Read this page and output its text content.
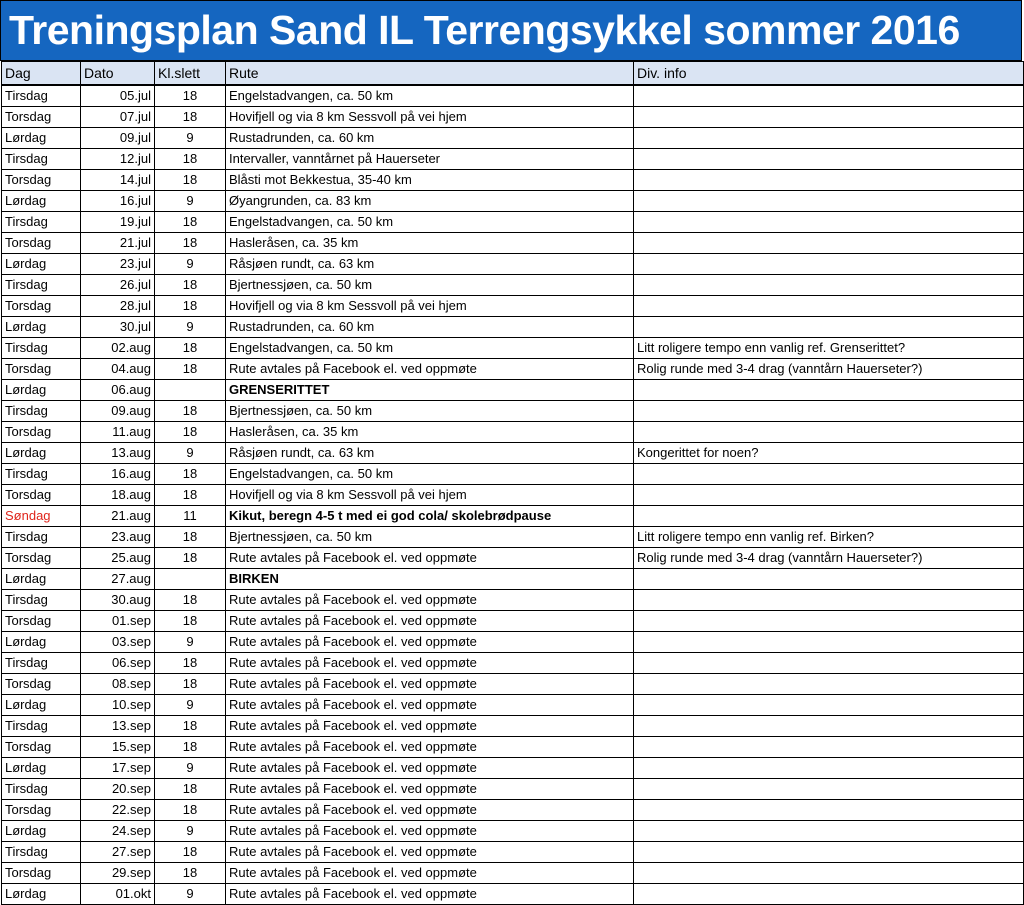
Treningsplan Sand IL Terrengsykkel sommer 2016
Dag	Dato	Kl.slett	Rute	Div. info
Tirsdag	05.jul	18	Engelstadvangen, ca. 50 km	
Torsdag	07.jul	18	Hovifjell og via 8 km Sessvoll på vei hjem	
Lørdag	09.jul	9	Rustadrunden, ca. 60 km	
Tirsdag	12.jul	18	Intervaller, vanntårnet på Hauerseter	
Torsdag	14.jul	18	Blåsti mot Bekkestua, 35-40 km	
Lørdag	16.jul	9	Øyangrunden, ca. 83 km	
Tirsdag	19.jul	18	Engelstadvangen, ca. 50 km	
Torsdag	21.jul	18	Hasleråsen, ca. 35 km	
Lørdag	23.jul	9	Råsjøen rundt, ca. 63 km	
Tirsdag	26.jul	18	Bjertnessjøen, ca. 50 km	
Torsdag	28.jul	18	Hovifjell og via 8 km Sessvoll på vei hjem	
Lørdag	30.jul	9	Rustadrunden, ca. 60 km	
Tirsdag	02.aug	18	Engelstadvangen, ca. 50 km	Litt roligere tempo enn vanlig ref. Grenserittet?
Torsdag	04.aug	18	Rute avtales på Facebook el. ved oppmøte	Rolig runde med 3-4 drag (vanntårn Hauerseter?)
Lørdag	06.aug		GRENSERITTET	
Tirsdag	09.aug	18	Bjertnessjøen, ca. 50 km	
Torsdag	11.aug	18	Hasleråsen, ca. 35 km	
Lørdag	13.aug	9	Råsjøen rundt, ca. 63 km	Kongerittet for noen?
Tirsdag	16.aug	18	Engelstadvangen, ca. 50 km	
Torsdag	18.aug	18	Hovifjell og via 8 km Sessvoll på vei hjem	
Søndag	21.aug	11	Kikut, beregn 4-5 t med ei god cola/ skolebrødpause	
Tirsdag	23.aug	18	Bjertnessjøen, ca. 50 km	Litt roligere tempo enn vanlig ref. Birken?
Torsdag	25.aug	18	Rute avtales på Facebook el. ved oppmøte	Rolig runde med 3-4 drag (vanntårn Hauerseter?)
Lørdag	27.aug		BIRKEN	
Tirsdag	30.aug	18	Rute avtales på Facebook el. ved oppmøte	
Torsdag	01.sep	18	Rute avtales på Facebook el. ved oppmøte	
Lørdag	03.sep	9	Rute avtales på Facebook el. ved oppmøte	
Tirsdag	06.sep	18	Rute avtales på Facebook el. ved oppmøte	
Torsdag	08.sep	18	Rute avtales på Facebook el. ved oppmøte	
Lørdag	10.sep	9	Rute avtales på Facebook el. ved oppmøte	
Tirsdag	13.sep	18	Rute avtales på Facebook el. ved oppmøte	
Torsdag	15.sep	18	Rute avtales på Facebook el. ved oppmøte	
Lørdag	17.sep	9	Rute avtales på Facebook el. ved oppmøte	
Tirsdag	20.sep	18	Rute avtales på Facebook el. ved oppmøte	
Torsdag	22.sep	18	Rute avtales på Facebook el. ved oppmøte	
Lørdag	24.sep	9	Rute avtales på Facebook el. ved oppmøte	
Tirsdag	27.sep	18	Rute avtales på Facebook el. ved oppmøte	
Torsdag	29.sep	18	Rute avtales på Facebook el. ved oppmøte	
Lørdag	01.okt	9	Rute avtales på Facebook el. ved oppmøte	
